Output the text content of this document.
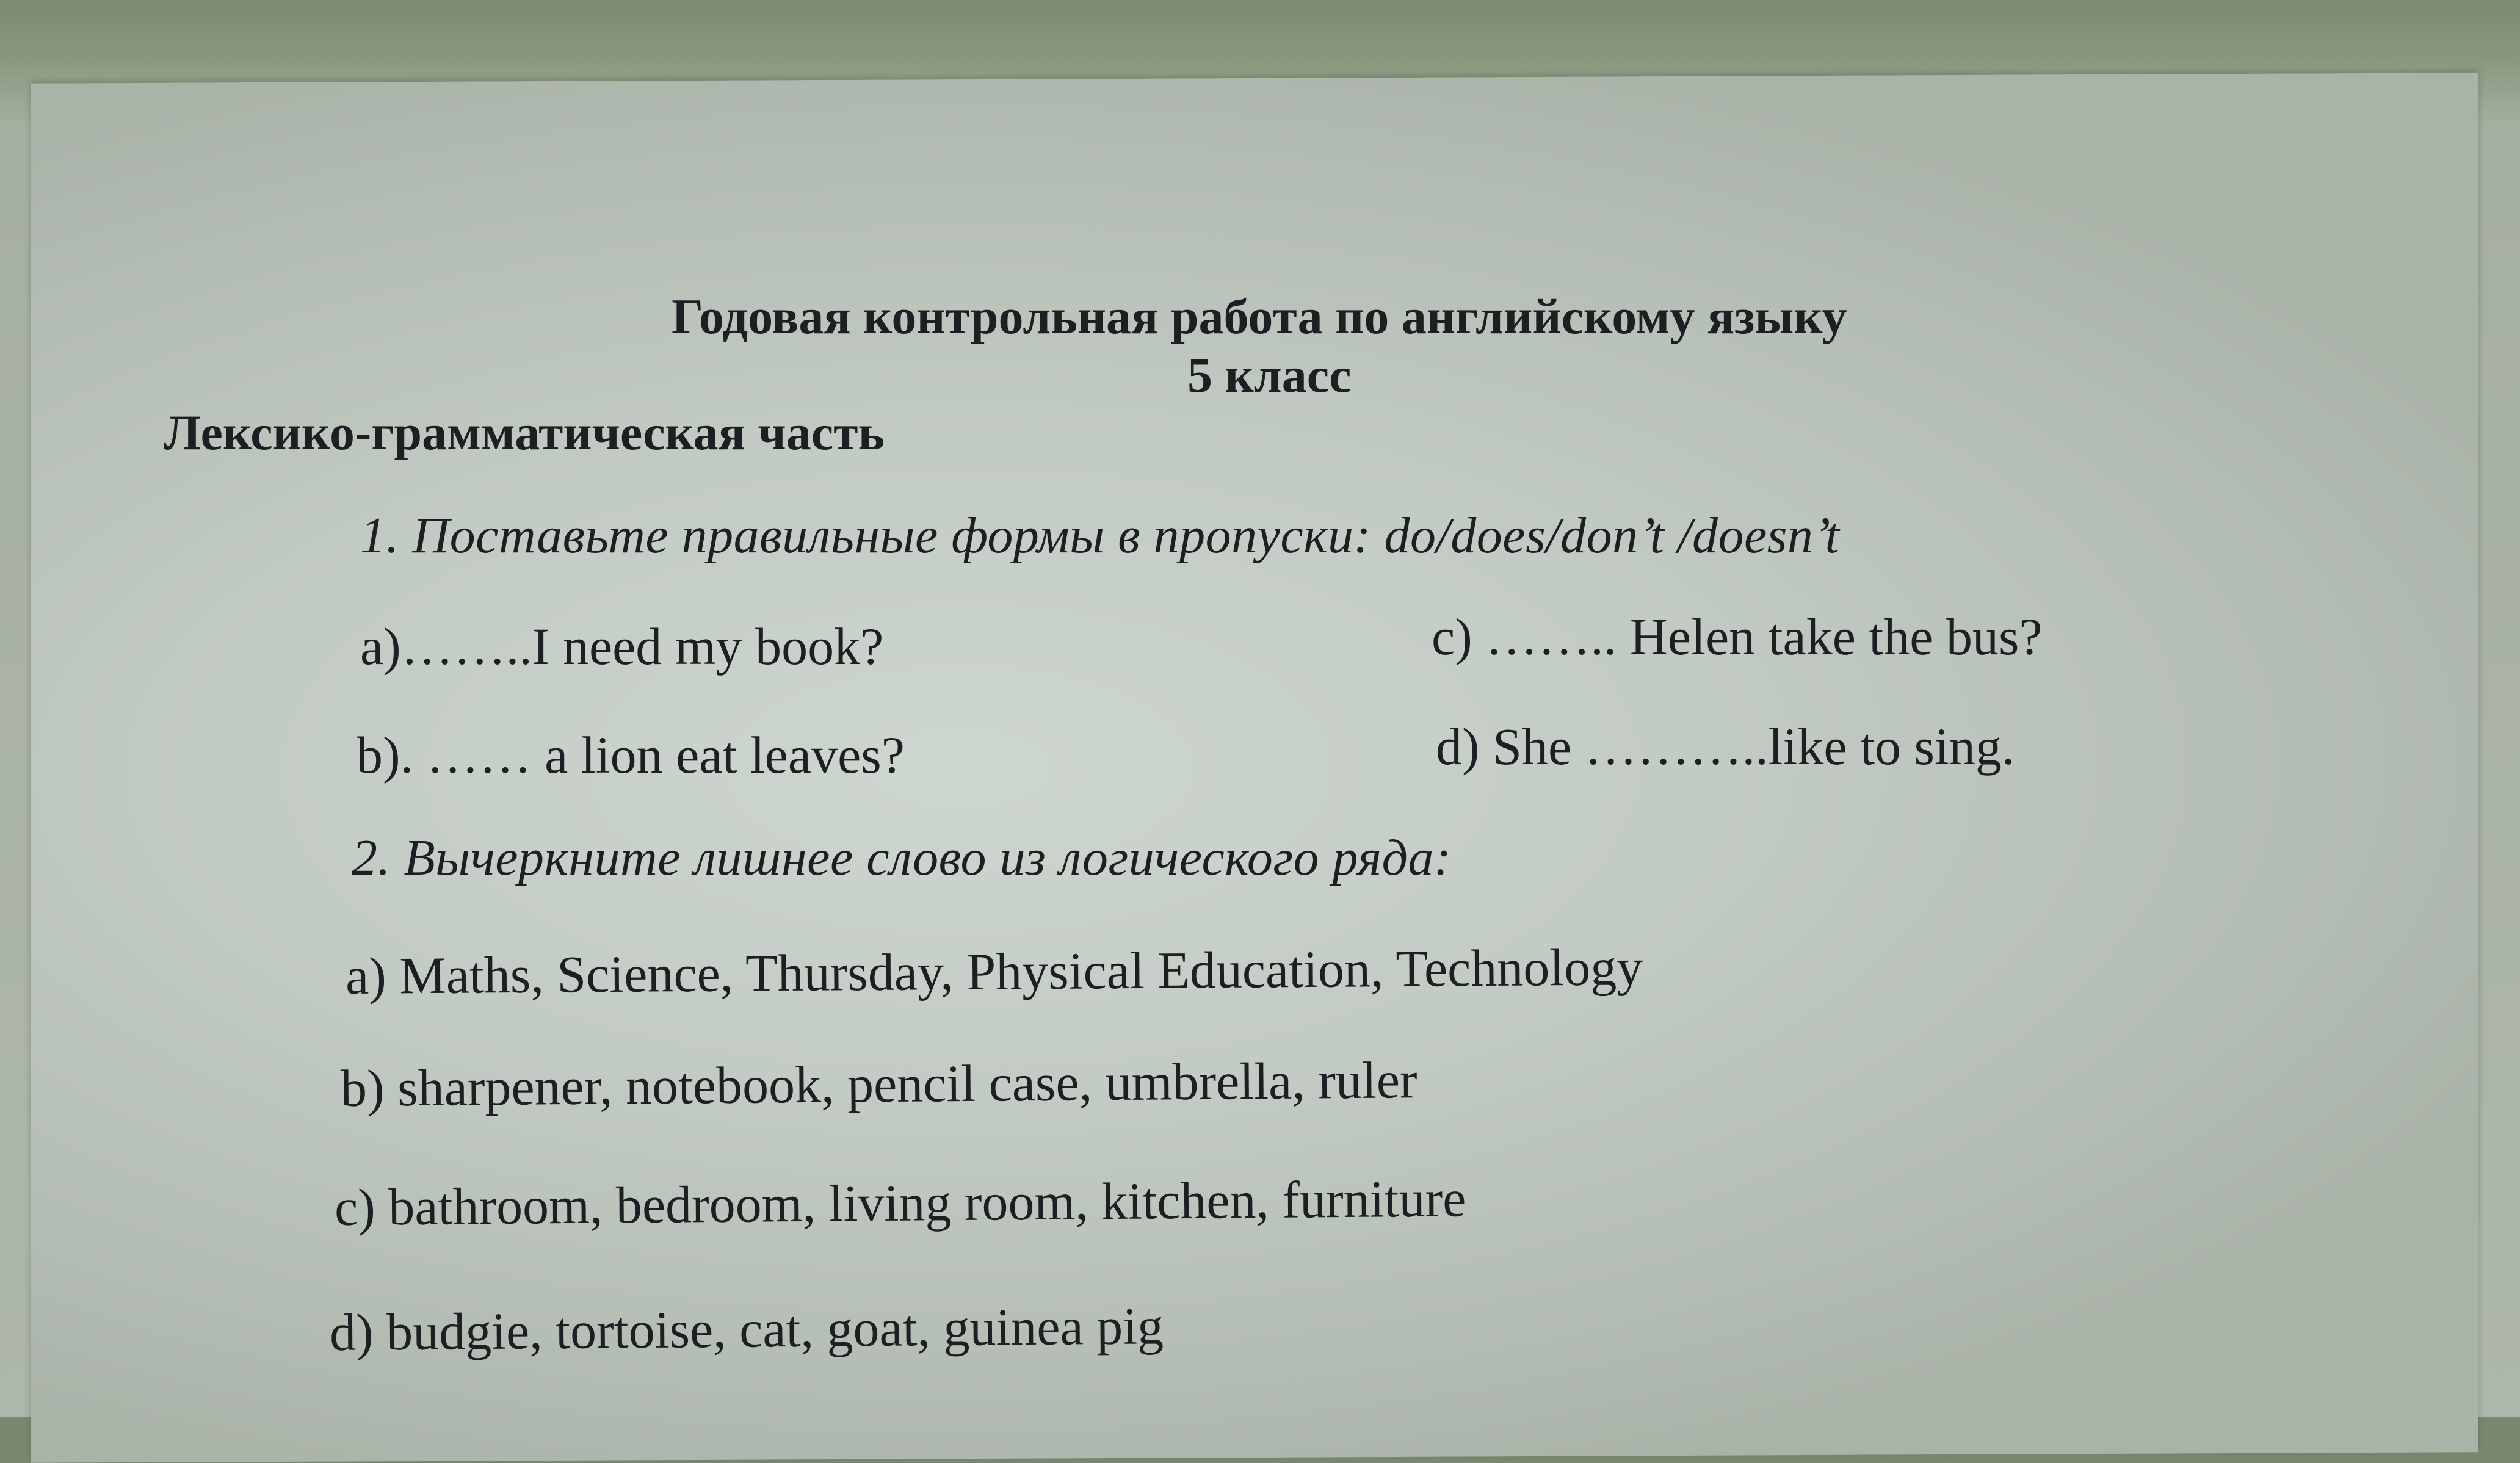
Годовая контрольная работа по английскому языку
5 класс
Лексико-грамматическая часть
1. Поставьте правильные формы в пропуски: do/does/don’t /doesn’t
a)……..I need my book?
b). …… a lion eat leaves?
c) …….. Helen take the bus?
d) She ………..like to sing.
2. Вычеркните лишнее слово из логического ряда:
a) Maths, Science, Thursday, Physical Education, Technology
b) sharpener, notebook, pencil case, umbrella, ruler
c) bathroom, bedroom, living room, kitchen, furniture
d) budgie, tortoise, cat, goat, guinea pig
